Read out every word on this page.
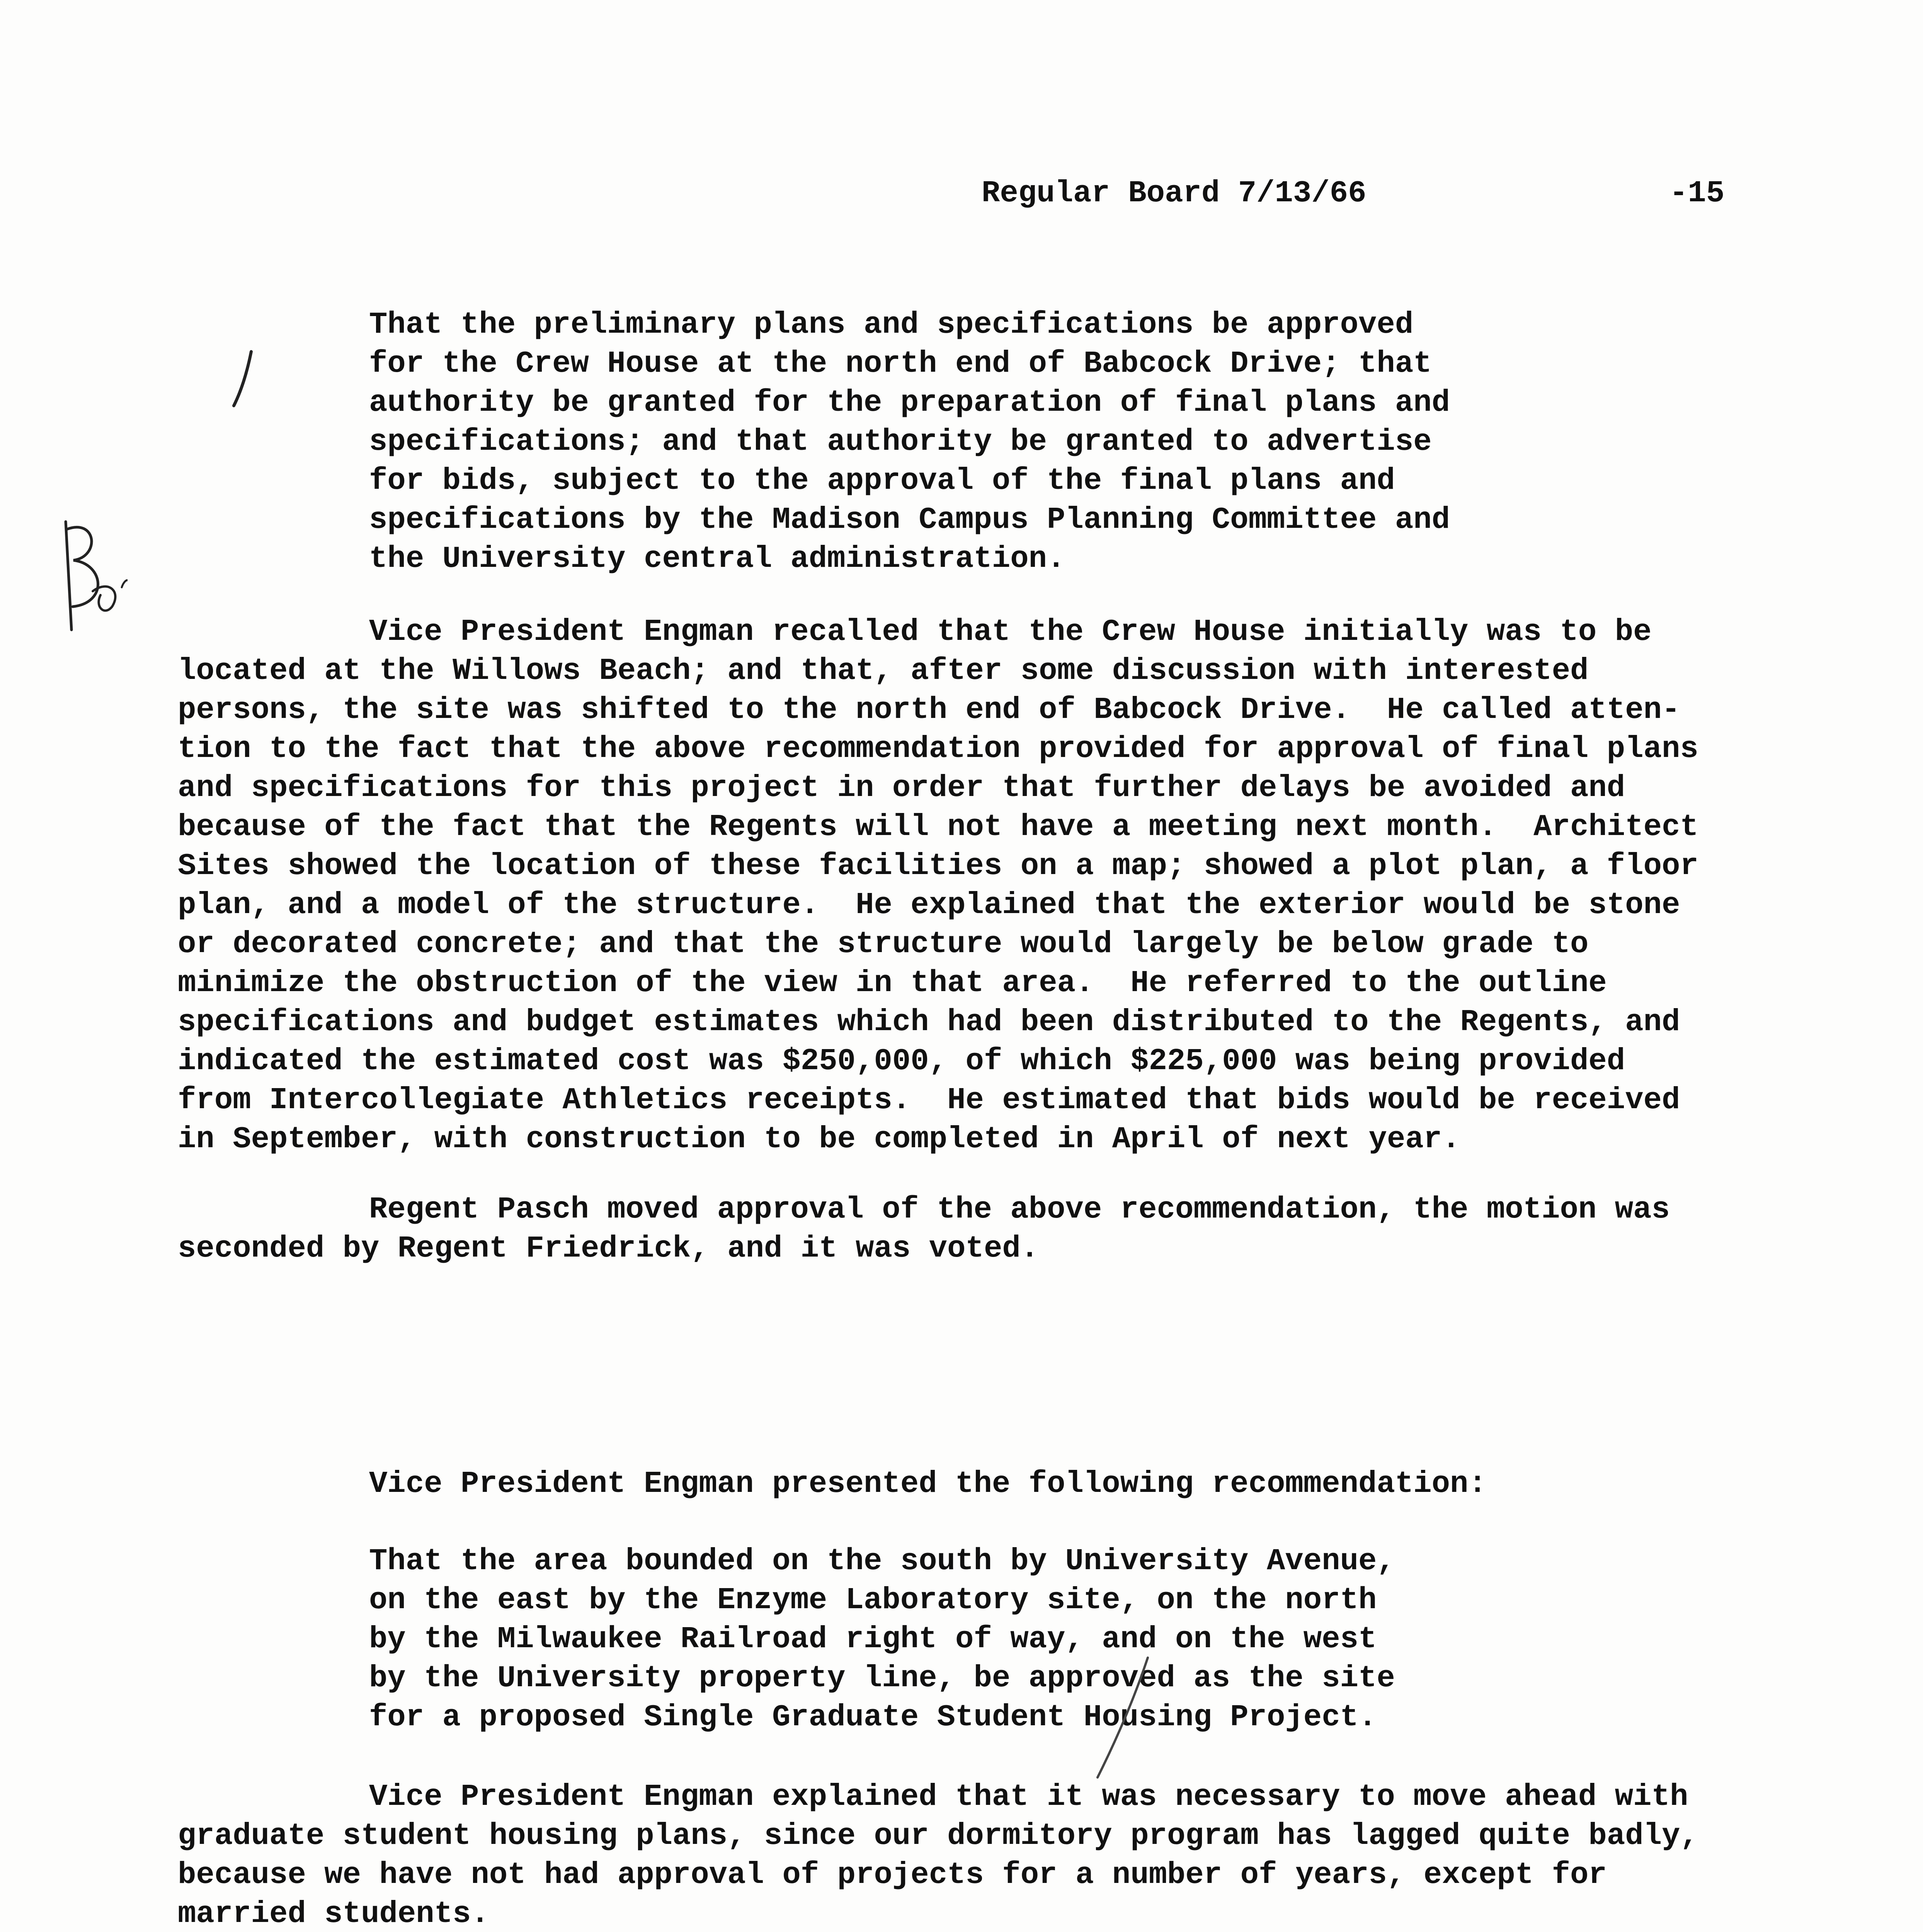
Regular Board 7/13/66

	-15

That the preliminary plans and specifications be approved
for the Crew House at the north end of Babcock Drive; that
authority be granted for the preparation of final plans and
specifications; and that authority be granted to advertise
for bids, subject to the approval of the final plans and
specifications by the Madison Campus Planning Committee and
the University central administration.
Vice President Engman recalled that the Crew House initially was to be
located at the Willows Beach; and that, after some discussion with interested
persons, the site was shifted to the north end of Babcock Drive.  He called atten-
tion to the fact that the above recommendation provided for approval of final plans
and specifications for this project in order that further delays be avoided and
because of the fact that the Regents will not have a meeting next month.  Architect
Sites showed the location of these facilities on a map; showed a plot plan, a floor
plan, and a model of the structure.  He explained that the exterior would be stone
or decorated concrete; and that the structure would largely be below grade to
minimize the obstruction of the view in that area.  He referred to the outline
specifications and budget estimates which had been distributed to the Regents, and
indicated the estimated cost was $250,000, of which $225,000 was being provided
from Intercollegiate Athletics receipts.  He estimated that bids would be received
in September, with construction to be completed in April of next year.
Regent Pasch moved approval of the above recommendation, the motion was
seconded by Regent Friedrick, and it was voted.
Vice President Engman presented the following recommendation:
That the area bounded on the south by University Avenue,
on the east by the Enzyme Laboratory site, on the north
by the Milwaukee Railroad right of way, and on the west
by the University property line, be approved as the site
for a proposed Single Graduate Student Housing Project.
Vice President Engman explained that it was necessary to move ahead with
graduate student housing plans, since our dormitory program has lagged quite badly,
because we have not had approval of projects for a number of years, except for
married students.
